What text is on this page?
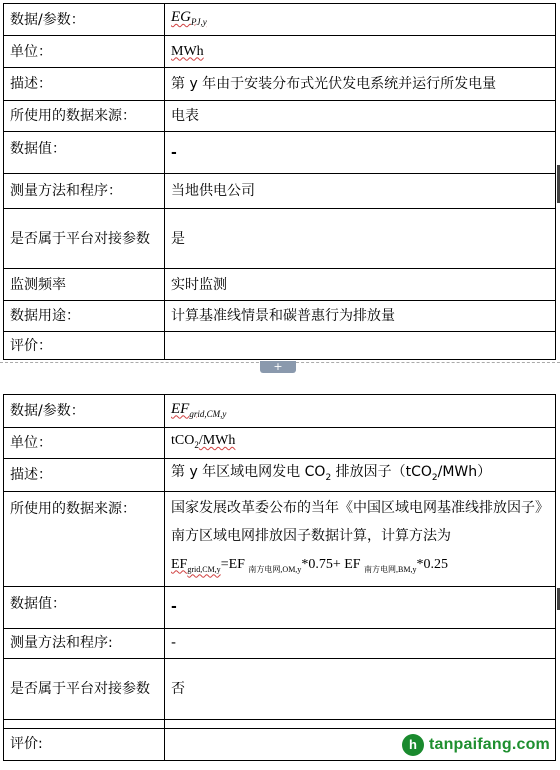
数据/参数：	$EG_{PJ,y}$
单位：	MWh
描述：	第 y 年由于安装分布式光伏发电系统并运行所发电量
所使用的数据来源：	电表
数据值：	-
测量方法和程序：	当地供电公司
是否属于平台对接参数	是
监测频率	实时监测
数据用途：	计算基准线情景和碳普惠行为排放量
评价：	
+
数据/参数：	$EF_{grid,CM,y}$
单位：	tCO$_2$/MWh
描述：	第 y 年区域电网发电 $CO_2$ 排放因子（tCO$_2$/MWh）
所使用的数据来源：	国家发展改革委公布的当年《中国区域电网基准线排放因子》南方区域电网排放因子数据计算，计算方法为
$EF_{grid,CM,y}=EF$ $_{南方电网,OM,y}$*0.75+ EF $_{南方电网,BM,y}$*0.25
数据值：	-
测量方法和程序:	-
是否属于平台对接参数	否

评价:		h tanpaifang.com
